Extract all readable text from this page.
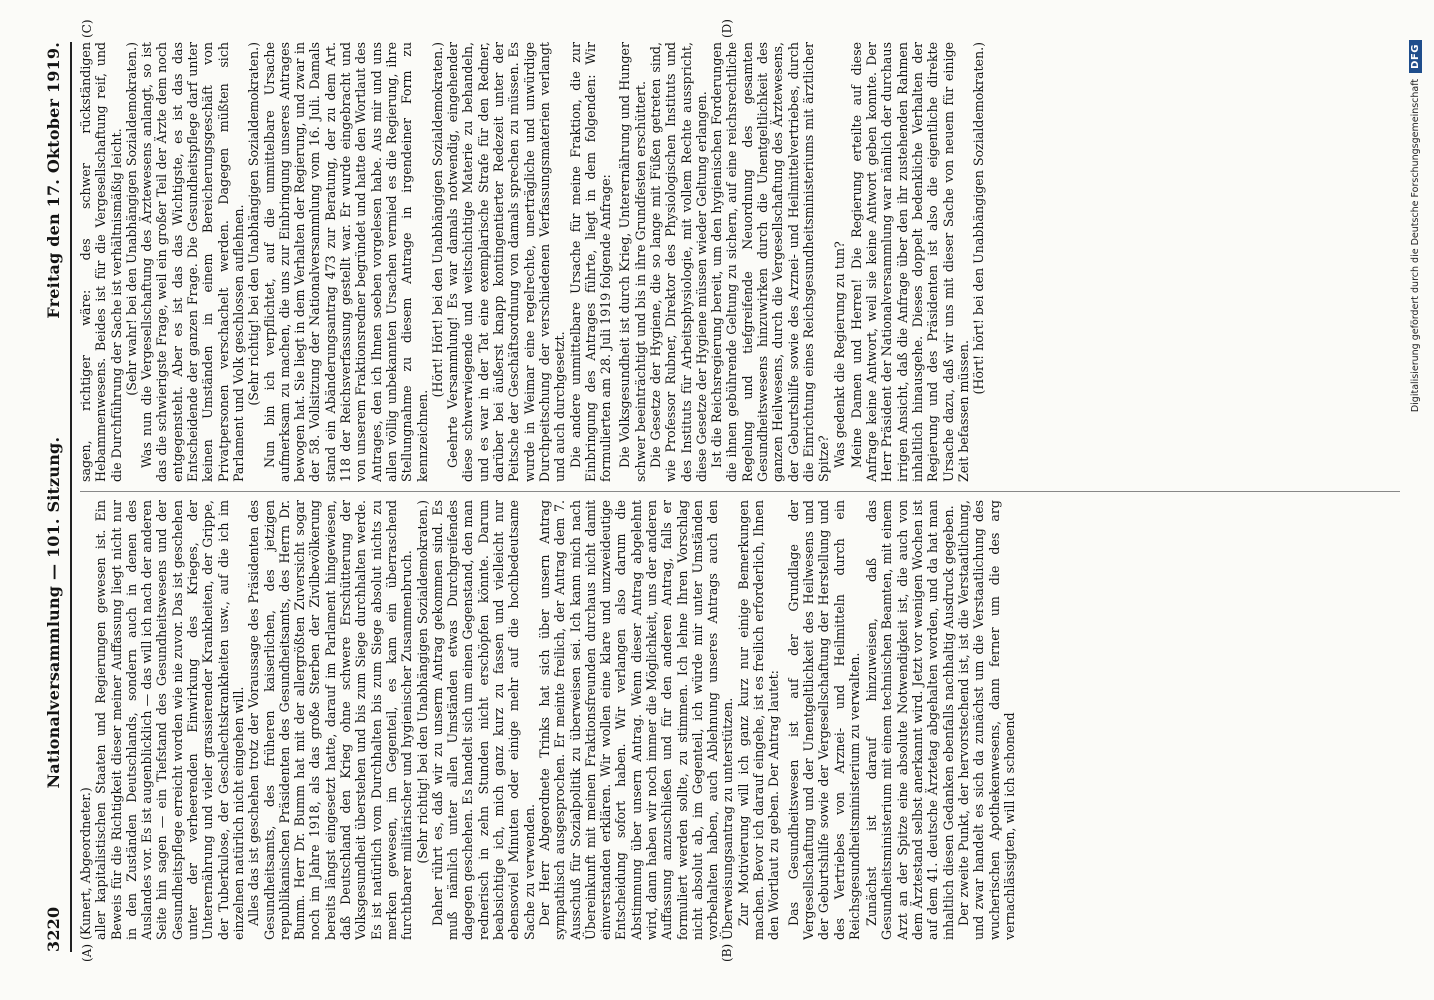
3220
Nationalversammlung — 101. Sitzung.
Freitag den 17. Oktober 1919.
(A)	(B)
(C)	(D)

(Kunert, Abgeordneter.) aller kapitalistischen Staaten und Regierungen gewesen ist. Ein Beweis für die Richtigkeit dieser meiner Auffassung liegt nicht nur in den Zuständen Deutschlands, sondern auch in denen des Auslandes vor. Es ist augenblicklich — das will ich nach der anderen Seite hin sagen — ein Tiefstand des Gesundheitswesens und der Gesundheitspflege erreicht worden wie nie zuvor. Das ist geschehen unter der verheerenden Einwirkung des Krieges, der Unterernährung und vieler grassierender Krankheiten, der Grippe, der Tuberkulose, der Geschlechtskrankheiten usw., auf die ich im einzelnen natürlich nicht eingehen will. Alles das ist geschehen trotz der Voraussage des Präsidenten des Gesundheitsamts, des früheren kaiserlichen, des jetzigen republikanischen Präsidenten des Gesundheitsamts, des Herrn Dr. Bumm. Herr Dr. Bumm hat mit der allergrößten Zuversicht sogar noch im Jahre 1918, als das große Sterben der Zivilbevölkerung bereits längst eingesetzt hatte, darauf im Parlament hingewiesen, daß Deutschland den Krieg ohne schwere Erschütterung der Volksgesundheit überstehen und bis zum Siege durchhalten werde. Es ist natürlich vom Durchhalten bis zum Siege absolut nichts zu merken gewesen, im Gegenteil, es kam ein überraschend furchtbarer militärischer und hygienischer Zusammenbruch. (Sehr richtig! bei den Unabhängigen Sozialdemokraten.) Daher rührt es, daß wir zu unserm Antrag gekommen sind. Es muß nämlich unter allen Umständen etwas Durchgreifendes dagegen geschehen. Es handelt sich um einen Gegenstand, den man rednerisch in zehn Stunden nicht erschöpfen könnte. Darum beabsichtige ich, mich ganz kurz zu fassen und vielleicht nur ebensoviel Minuten oder einige mehr auf die hochbedeutsame Sache zu verwenden. Der Herr Abgeordnete Trinks hat sich über unsern Antrag sympathisch ausgesprochen. Er meinte freilich, der Antrag dem 7. Ausschuß für Sozialpolitik zu überweisen sei. Ich kann mich nach Übereinkunft mit meinen Fraktionsfreunden durchaus nicht damit einverstanden erklären. Wir wollen eine klare und unzweideutige Entscheidung sofort haben. Wir verlangen also darum die Abstimmung über unsern Antrag. Wenn dieser Antrag abgelehnt wird, dann haben wir noch immer die Möglichkeit, uns der anderen Auffassung anzuschließen und für den anderen Antrag, falls er formuliert werden sollte, zu stimmen. Ich lehne Ihren Vorschlag nicht absolut ab, im Gegenteil, ich würde mir unter Umständen vorbehalten haben, auch Ablehnung unseres Antrags auch den Überweisungsantrag zu unterstützen. Zur Motivierung will ich ganz kurz nur einige Bemerkungen machen. Bevor ich darauf eingehe, ist es freilich erforderlich, Ihnen den Wortlaut zu geben. Der Antrag lautet: Das Gesundheitswesen ist auf der Grundlage der Vergesellschaftung und der Unentgeltlichkeit des Heilwesens und der Geburtshilfe sowie der Vergesellschaftung der Herstellung und des Vertriebes von Arznei- und Heilmitteln durch ein Reichsgesundheitsministerium zu verwalten. Zunächst ist darauf hinzuweisen, daß das Gesundheitsministerium mit einem technischen Beamten, mit einem Arzt an der Spitze eine absolute Notwendigkeit ist, die auch von dem Ärztestand selbst anerkannt wird. Jetzt vor wenigen Wochen ist auf dem 41. deutsche Ärztetag abgehalten worden, und da hat man inhaltlich diesen Gedanken ebenfalls nachhaltig Ausdruck gegeben. Der zweite Punkt, der hervorstechend ist, ist die Verstaatlichung, und zwar handelt es sich da zunächst um die Verstaatlichung des wucherischen Apothekenwesens, dann ferner um die des arg vernachlässigten, will ich schonend

sagen, richtiger wäre: des schwer rückständigen Hebammenwesens. Beides ist für die Vergesellschaftung reif, und die Durchführung der Sache ist verhältnismäßig leicht. (Sehr wahr! bei den Unabhängigen Sozialdemokraten.) Was nun die Vergesellschaftung des Ärztewesens anlangt, so ist das die schwierigste Frage, weil ein großer Teil der Ärzte dem noch entgegensteht. Aber es ist das das Wichtigste, es ist das das Entscheidende der ganzen Frage. Die Gesundheitspflege darf unter keinen Umständen in einem Bereicherungsgeschäft von Privatpersonen verschachelt werden. Dagegen müßten sich Parlament und Volk geschlossen auflehnen. (Sehr richtig! bei den Unabhängigen Sozialdemokraten.) Nun bin ich verpflichtet, auf die unmittelbare Ursache aufmerksam zu machen, die uns zur Einbringung unseres Antrages bewogen hat. Sie liegt in dem Verhalten der Regierung, und zwar in der 58. Vollsitzung der Nationalversammlung vom 16. Juli. Damals stand ein Abänderungsantrag 473 zur Beratung, der zu dem Art. 118 der Reichsverfassung gestellt war. Er wurde eingebracht und von unserem Fraktionsredner begründet und hatte den Wortlaut des Antrages, den ich Ihnen soeben vorgelesen habe. Aus mir und uns allen völlig unbekannten Ursachen vermied es die Regierung, ihre Stellungnahme zu diesem Antrage in irgendeiner Form zu kennzeichnen.

(Hört! Hört! bei den Unabhängigen Sozialdemokraten.) Geehrte Versammlung! Es war damals notwendig, eingehender diese schwerwiegende und weitschichtige Materie zu behandeln, und es war in der Tat eine exemplarische Strafe für den Redner, darüber bei äußerst knapp kontingentierter Redezeit unter der Peitsche der Geschäftsordnung von damals sprechen zu müssen. Es wurde in Weimar eine regelrechte, unerträgliche und unwürdige Durchpeitschung der verschiedenen Verfassungsmaterien verlangt und auch durchgesetzt. Die andere unmittelbare Ursache für meine Fraktion, die zur Einbringung des Antrages führte, liegt in dem folgenden: Wir formulierten am 28. Juli 1919 folgende Anfrage: Die Volksgesundheit ist durch Krieg, Unterernährung und Hunger schwer beeinträchtigt und bis in ihre Grundfesten erschüttert. Die Gesetze der Hygiene, die so lange mit Füßen getreten sind, wie Professor Rubner, Direktor des Physiologischen Instituts und des Instituts für Arbeitsphysiologie, mit vollem Rechte ausspricht, diese Gesetze der Hygiene müssen wieder Geltung erlangen. Ist die Reichsregierung bereit, um den hygienischen Forderungen die ihnen gebührende Geltung zu sichern, auf eine reichsrechtliche Regelung und tiefgreifende Neuordnung des gesamten Gesundheitswesens hinzuwirken durch die Unentgeltlichkeit des ganzen Heilwesens, durch die Vergesellschaftung des Ärztewesens, der Geburtshilfe sowie des Arznei- und Heilmittelvertriebes, durch die Einrichtung eines Reichsgesundheitsministeriums mit ärztlicher Spitze? Was gedenkt die Regierung zu tun? Meine Damen und Herren! Die Regierung erteilte auf diese Anfrage keine Antwort, weil sie keine Antwort geben konnte. Der Herr Präsident der Nationalversammlung war nämlich der durchaus irrigen Ansicht, daß die Anfrage über den ihr zustehenden Rahmen inhaltlich hinausgehe. Dieses doppelt bedenkliche Verhalten der Regierung und des Präsidenten ist also die eigentliche direkte Ursache dazu, daß wir uns mit dieser Sache von neuem für einige Zeit befassen müssen.

(Hört! hört! bei den Unabhängigen Sozialdemokraten.)	Digitalisierung gefördert durch die Deutsche Forschungsgemeinschaft
DFG
